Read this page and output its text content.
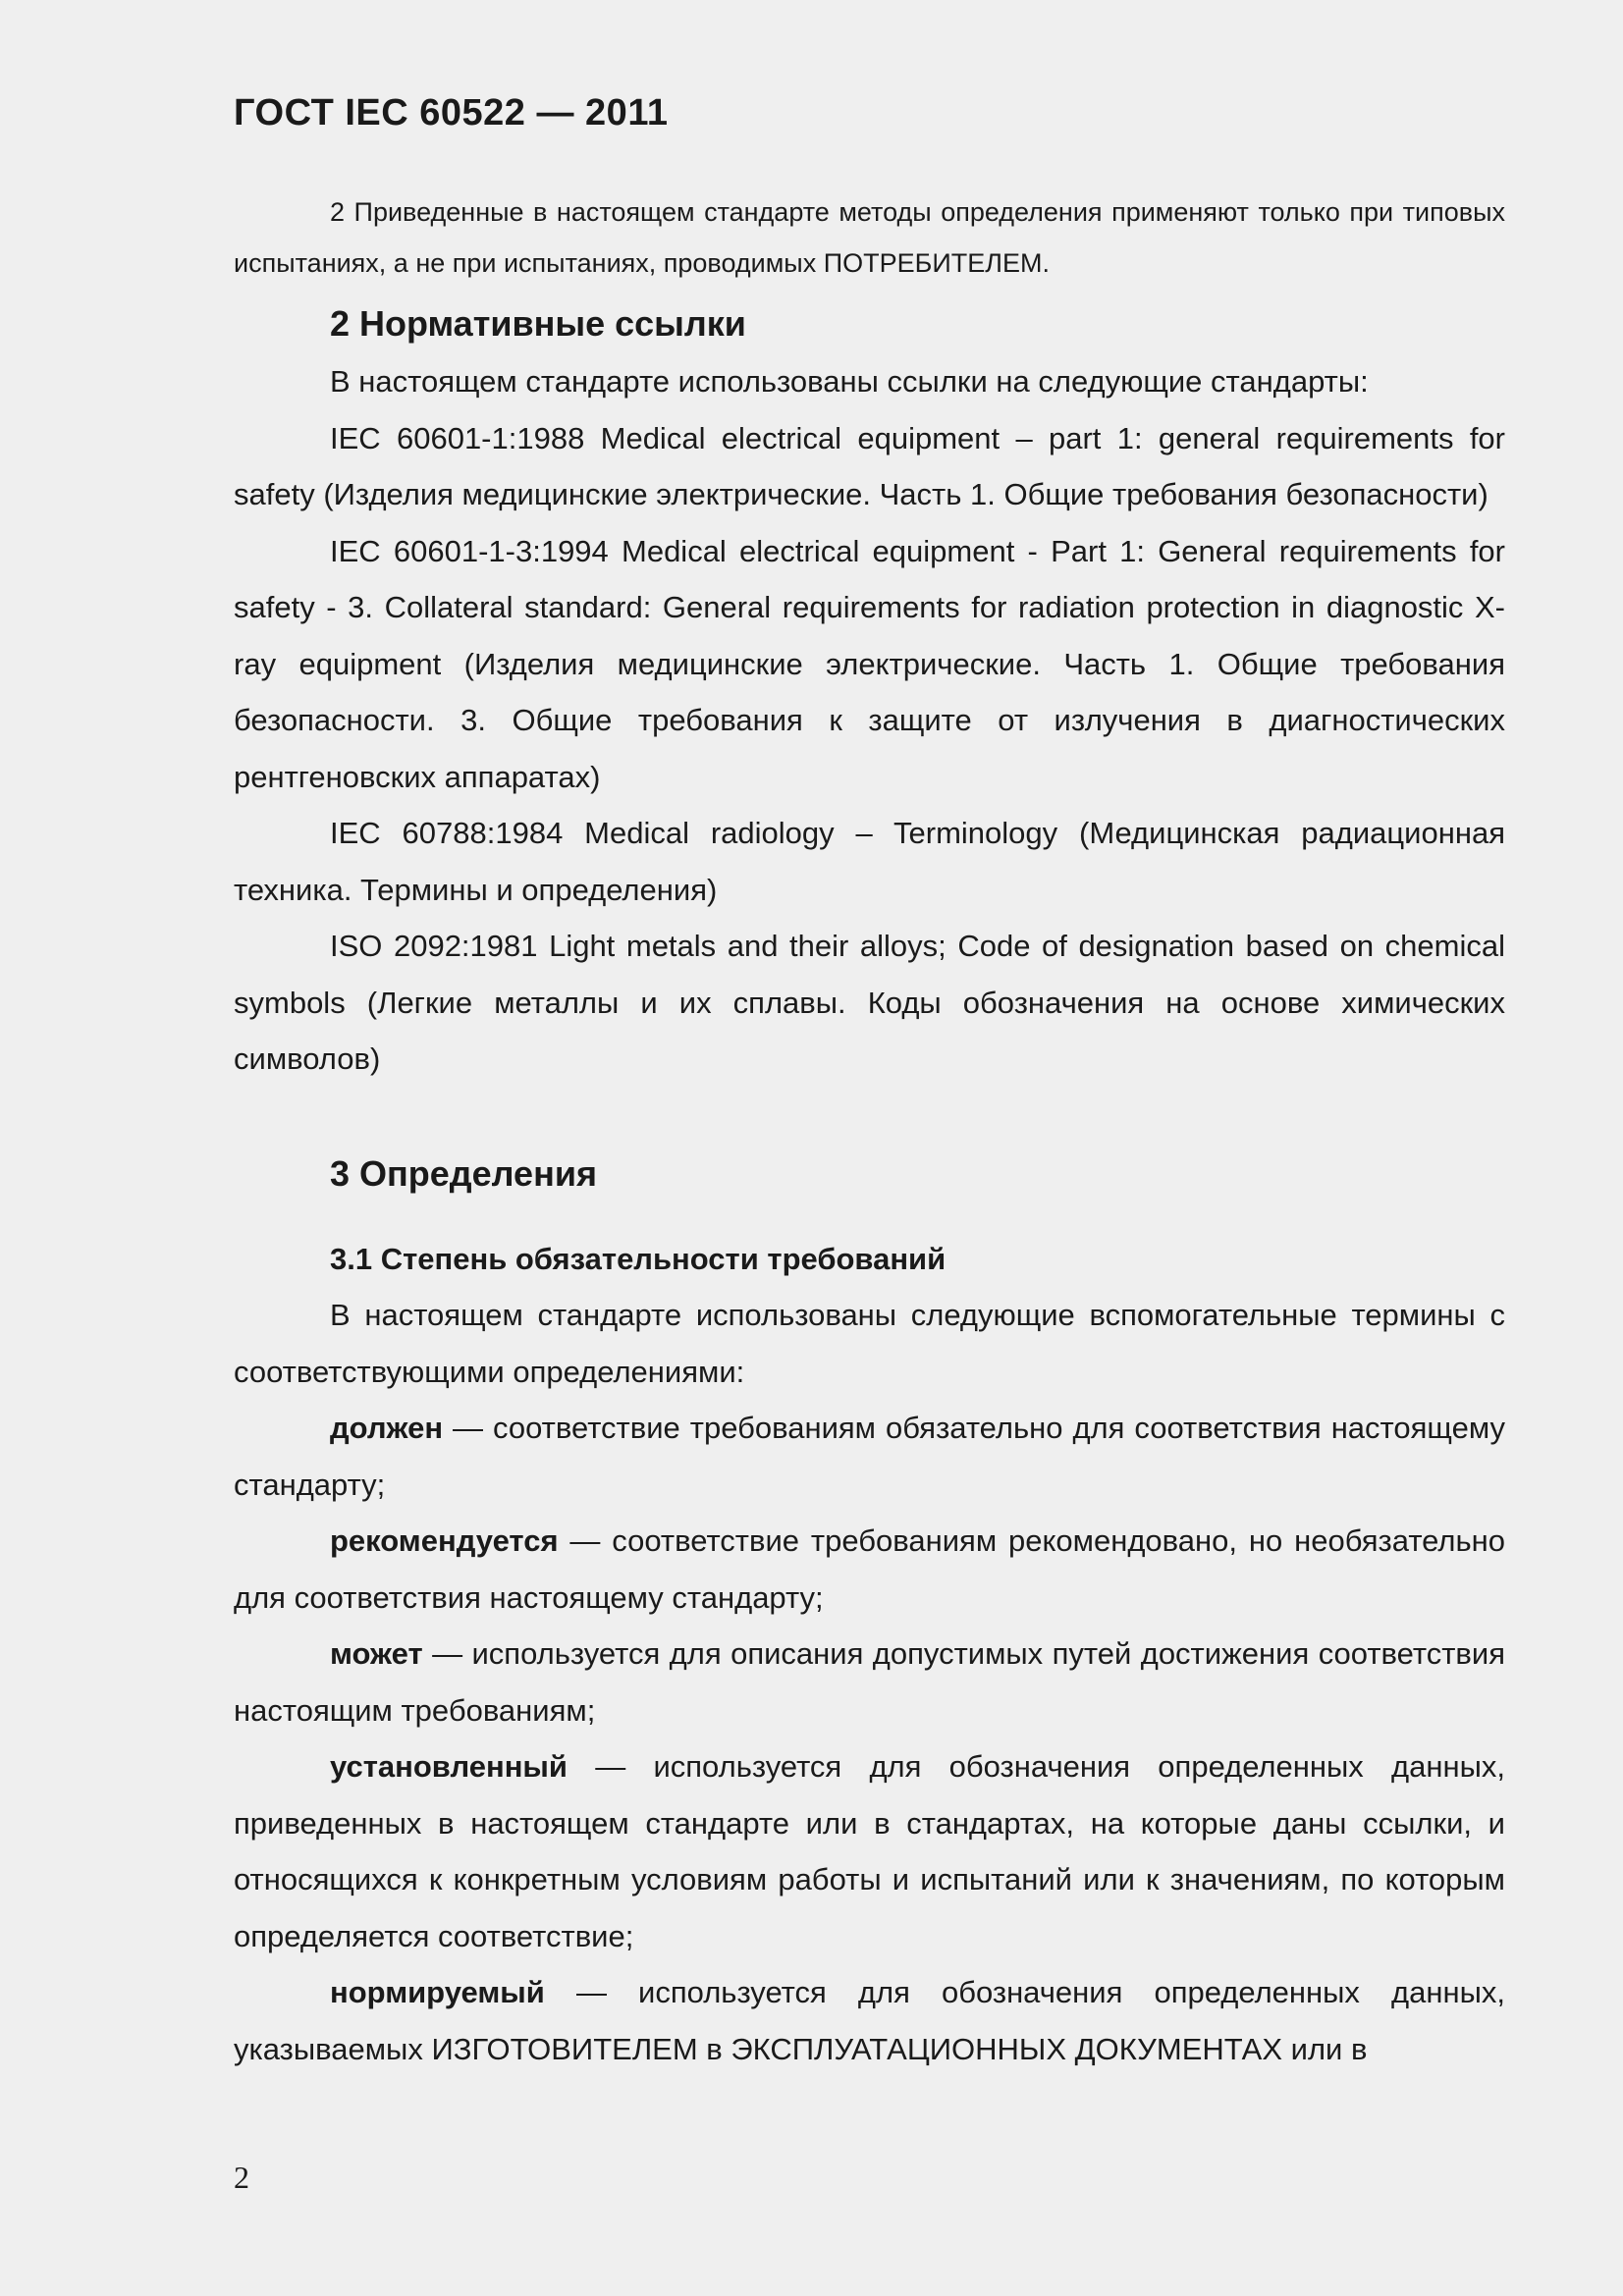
ГОСТ IEC 60522 — 2011

2 Приведенные в настоящем стандарте методы определения применяют только при типовых испытаниях, а не при испытаниях, проводимых ПОТРЕБИТЕЛЕМ.

2 Нормативные ссылки

В настоящем стандарте использованы ссылки на следующие стандарты:

IEC 60601-1:1988 Medical electrical equipment – part 1: general requirements for safety (Изделия медицинские электрические. Часть 1. Общие требования безопасности)

IEC 60601-1-3:1994 Medical electrical equipment - Part 1: General requirements for safety - 3. Collateral standard: General requirements for radiation protection in diagnostic X-ray equipment (Изделия медицинские электрические. Часть 1. Общие требования безопасности. 3. Общие требования к защите от излучения в диагностических рентгеновских аппаратах)

IEC 60788:1984 Medical radiology – Terminology (Медицинская радиационная техника. Термины и определения)

ISO 2092:1981 Light metals and their alloys; Code of designation based on chemical symbols (Легкие металлы и их сплавы. Коды обозначения на основе химических символов)

3 Определения
3.1 Степень обязательности требований

В настоящем стандарте использованы следующие вспомогательные термины с соответствующими определениями:

должен — соответствие требованиям обязательно для соответствия настоящему стандарту;

рекомендуется — соответствие требованиям рекомендовано, но необязательно для соответствия настоящему стандарту;

может — используется для описания допустимых путей достижения соответствия настоящим требованиям;

установленный — используется для обозначения определенных данных, приведенных в настоящем стандарте или в стандартах, на которые даны ссылки, и относящихся к конкретным условиям работы и испытаний или к значениям, по которым определяется соответствие;

нормируемый — используется для обозначения определенных данных, указываемых ИЗГОТОВИТЕЛЕМ в ЭКСПЛУАТАЦИОННЫХ ДОКУМЕНТАХ или в

2
